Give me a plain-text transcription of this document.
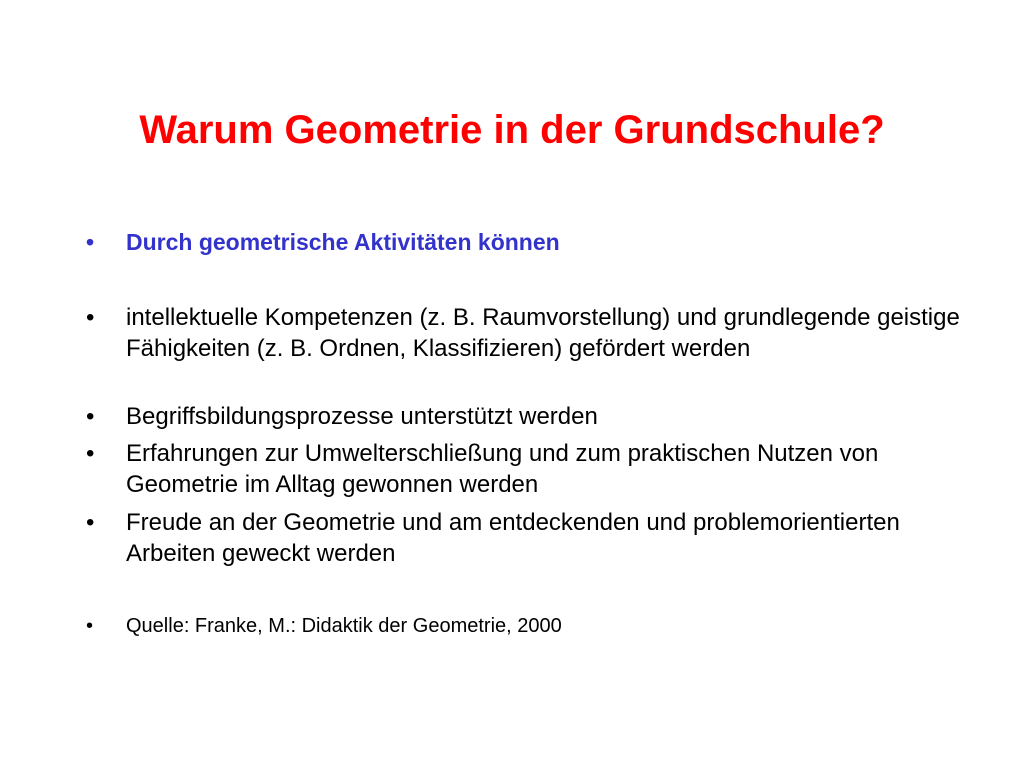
Warum Geometrie in der Grundschule?
•	Durch geometrische Aktivitäten können
•	intellektuelle Kompetenzen (z. B. Raumvorstellung) und grundlegende geistige Fähigkeiten (z. B. Ordnen, Klassifizieren) gefördert werden
•	Begriffsbildungsprozesse unterstützt werden
•	Erfahrungen zur Umwelterschließung und zum praktischen Nutzen von Geometrie im Alltag gewonnen werden
•	Freude an der Geometrie und am entdeckenden und problemorientierten Arbeiten geweckt werden
•	Quelle: Franke, M.: Didaktik der Geometrie, 2000
